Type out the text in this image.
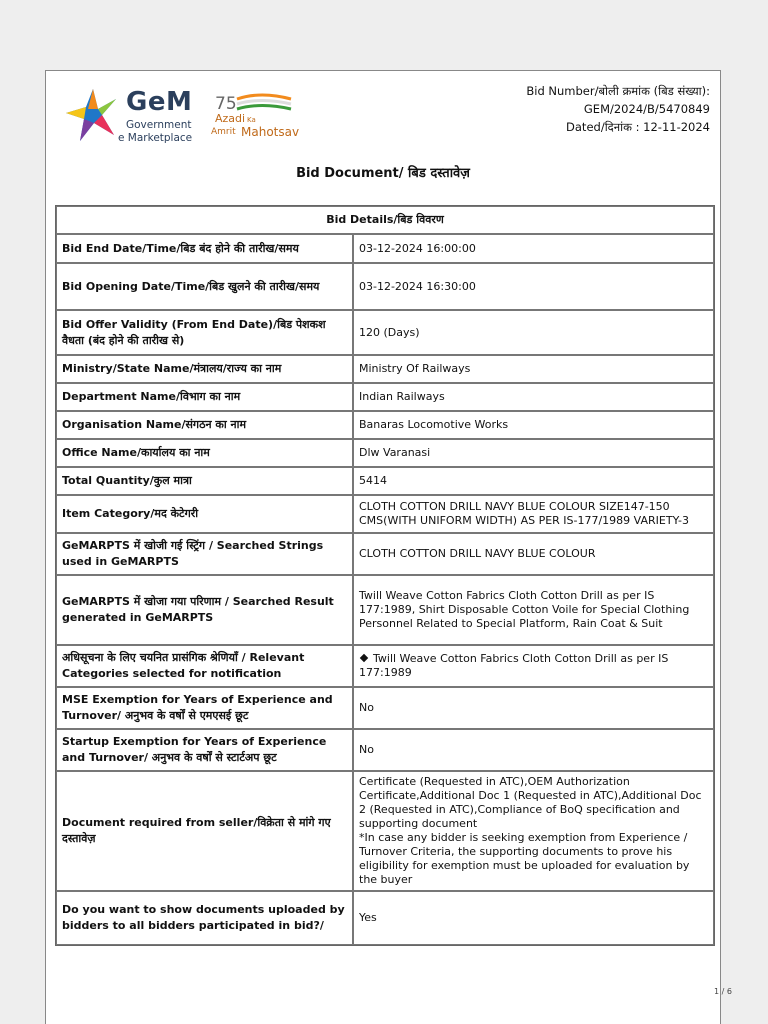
GeM
Government
e Marketplace
75
Azadi Ka
Amrit Mahotsav
Bid Number/बोली क्रमांक (बिड संख्या):
GEM/2024/B/5470849
Dated/दिनांक : 12-11-2024
Bid Document/ बिड दस्तावेज़
Bid Details/बिड विवरण	
Bid End Date/Time/बिड बंद होने की तारीख/समय	03-12-2024 16:00:00
Bid Opening Date/Time/बिड खुलने की तारीख/समय	03-12-2024 16:30:00
Bid Offer Validity (From End Date)/बिड पेशकश वैधता (बंद होने की तारीख से)	120 (Days)
Ministry/State Name/मंत्रालय/राज्य का नाम	Ministry Of Railways
Department Name/विभाग का नाम	Indian Railways
Organisation Name/संगठन का नाम	Banaras Locomotive Works
Office Name/कार्यालय का नाम	Dlw Varanasi
Total Quantity/कुल मात्रा	5414
Item Category/मद केटेगरी	CLOTH COTTON DRILL NAVY BLUE COLOUR SIZE147-150 CMS(WITH UNIFORM WIDTH) AS PER IS-177/1989 VARIETY-3
GeMARPTS में खोजी गई स्ट्रिंग / Searched Strings used in GeMARPTS	CLOTH COTTON DRILL NAVY BLUE COLOUR
GeMARPTS में खोजा गया परिणाम / Searched Result generated in GeMARPTS	Twill Weave Cotton Fabrics Cloth Cotton Drill as per IS 177:1989, Shirt Disposable Cotton Voile for Special Clothing Personnel Related to Special Platform, Rain Coat & Suit
अधिसूचना के लिए चयनित प्रासंगिक श्रेणियाँ / Relevant Categories selected for notification	Twill Weave Cotton Fabrics Cloth Cotton Drill as per IS 177:1989
MSE Exemption for Years of Experience and Turnover/ अनुभव के वर्षों से एमएसई छूट	No
Startup Exemption for Years of Experience and Turnover/ अनुभव के वर्षों से स्टार्टअप छूट	No
Document required from seller/विक्रेता से मांगे गए दस्तावेज़	Certificate (Requested in ATC),OEM Authorization Certificate,Additional Doc 1 (Requested in ATC),Additional Doc 2 (Requested in ATC),Compliance of BoQ specification and supporting document
*In case any bidder is seeking exemption from Experience / Turnover Criteria, the supporting documents to prove his eligibility for exemption must be uploaded for evaluation by the buyer

Do you want to show documents uploaded by bidders to all bidders participated in bid?/	Yes
1 / 6
